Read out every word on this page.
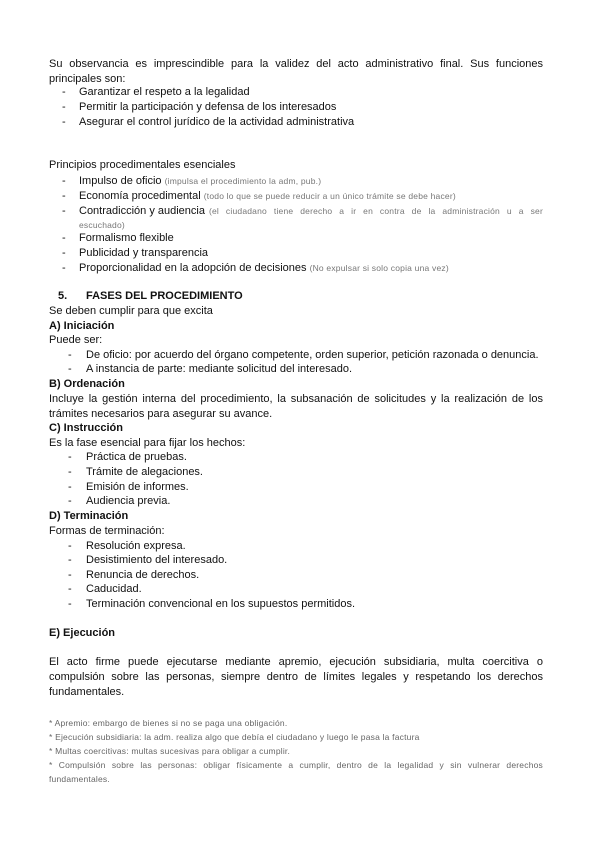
Su observancia es imprescindible para la validez del acto administrativo final. Sus funciones principales son:
- Garantizar el respeto a la legalidad
- Permitir la participación y defensa de los interesados
- Asegurar el control jurídico de la actividad administrativa
Principios procedimentales esenciales
- Impulso de oficio (impulsa el procedimiento la adm, pub.)
- Economía procedimental (todo lo que se puede reducir a un único trámite se debe hacer)
- Contradicción y audiencia (el ciudadano tiene derecho a ir en contra de la administración u a ser
escuchado)
- Formalismo flexible
- Publicidad y transparencia
- Proporcionalidad en la adopción de decisiones (No expulsar si solo copia una vez)
5. FASES DEL PROCEDIMIENTO
Se deben cumplir para que excita
A) Iniciación
Puede ser:
- De oficio: por acuerdo del órgano competente, orden superior, petición razonada o denuncia.
- A instancia de parte: mediante solicitud del interesado.
B) Ordenación
Incluye la gestión interna del procedimiento, la subsanación de solicitudes y la realización de los trámites necesarios para asegurar su avance.
C) Instrucción
Es la fase esencial para fijar los hechos:
- Práctica de pruebas.
- Trámite de alegaciones.
- Emisión de informes.
- Audiencia previa.
D) Terminación
Formas de terminación:
- Resolución expresa.
- Desistimiento del interesado.
- Renuncia de derechos.
- Caducidad.
- Terminación convencional en los supuestos permitidos.
E) Ejecución
El acto firme puede ejecutarse mediante apremio, ejecución subsidiaria, multa coercitiva o compulsión sobre las personas, siempre dentro de límites legales y respetando los derechos fundamentales.
* Apremio: embargo de bienes si no se paga una obligación.
* Ejecución subsidiaria: la adm. realiza algo que debía el ciudadano y luego le pasa la factura
* Multas coercitivas: multas sucesivas para obligar a cumplir.
* Compulsión sobre las personas: obligar físicamente a cumplir, dentro de la legalidad y sin vulnerar derechos fundamentales.
